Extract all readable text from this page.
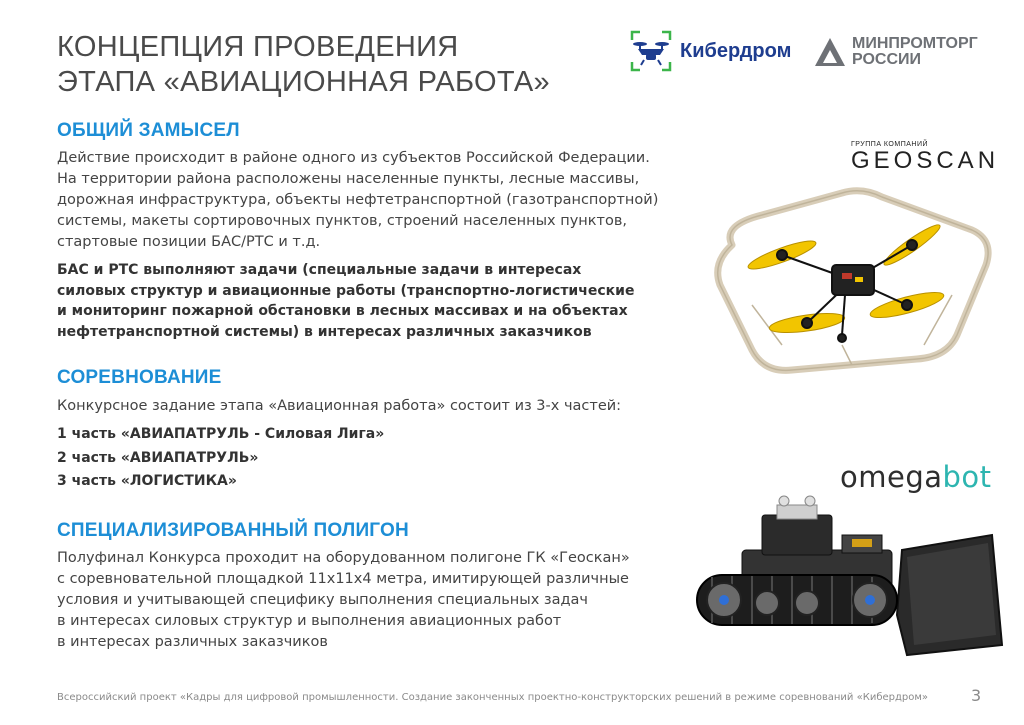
КОНЦЕПЦИЯ ПРОВЕДЕНИЯ
ЭТАПА «АВИАЦИОННАЯ РАБОТА»
Кибердром	МИНПРОМТОРГ
РОССИИ
ОБЩИЙ ЗАМЫСЕЛ

Действие происходит в районе одного из субъектов Российской Федерации.
На территории района расположены населенные пункты, лесные массивы,
дорожная инфраструктура, объекты нефтетранспортной (газотранспортной)
системы, макеты сортировочных пунктов, строений населенных пунктов,
стартовые позиции БАС/РТС и т.д.

БАС и РТС выполняют задачи (специальные задачи в интересах
силовых структур и авиационные работы (транспортно-логистические
и мониторинг пожарной обстановки в лесных массивах и на объектах
нефтетранспортной системы) в интересах различных заказчиков

СОРЕВНОВАНИЕ

Конкурсное задание этапа «Авиационная работа» состоит из 3-х частей:

1 часть «АВИАПАТРУЛЬ - Силовая Лига»
2 часть «АВИАПАТРУЛЬ»
3 часть «ЛОГИСТИКА»
СПЕЦИАЛИЗИРОВАННЫЙ ПОЛИГОН

Полуфинал Конкурса проходит на оборудованном полигоне ГК «Геоскан»
с соревновательной площадкой 11х11х4 метра, имитирующей различные
условия и учитывающей специфику выполнения специальных задач
в интересах силовых структур и выполнения авиационных работ
в интересах различных заказчиков

ГРУППА КОМПАНИЙ
GEOSCAN
omegabot
Всероссийский проект «Кадры для цифровой промышленности. Создание законченных проектно-конструкторских решений в режиме соревнований «Кибердром»	3
